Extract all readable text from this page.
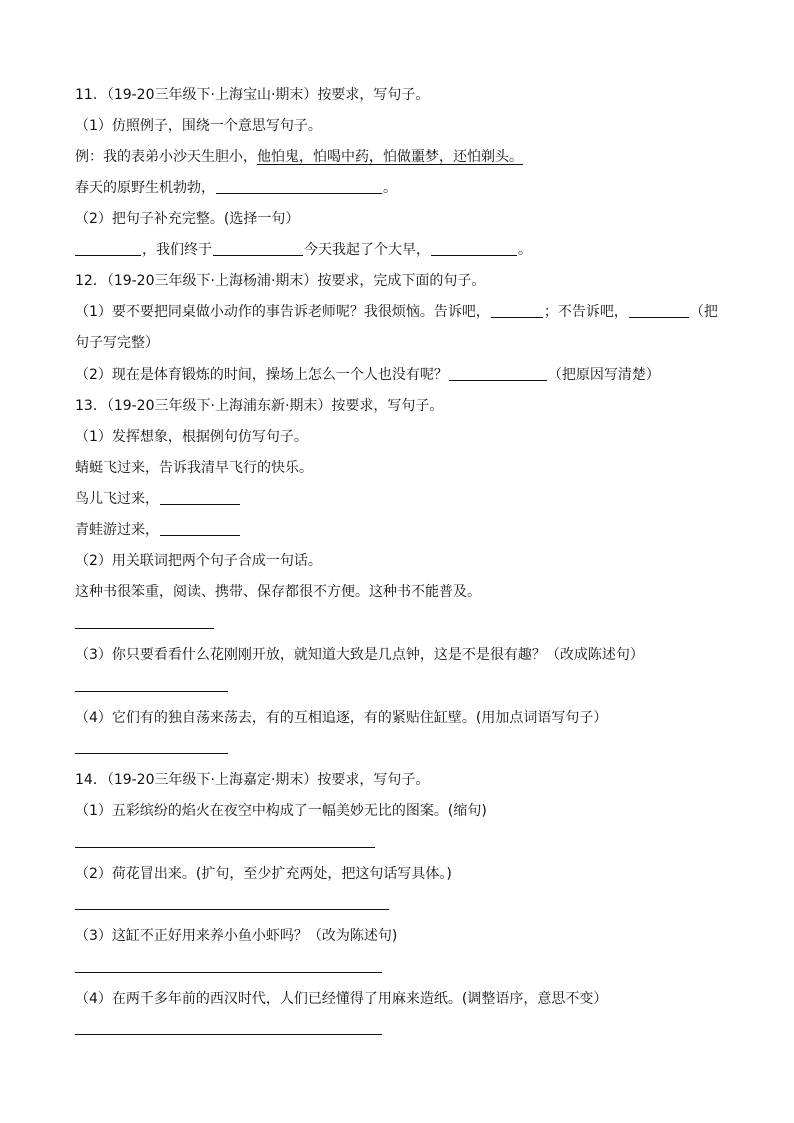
11．（19-20三年级下·上海宝山·期末）按要求，写句子。
（1）仿照例子，围绕一个意思写句子。
例：我的表弟小沙天生胆小，他怕鬼，怕喝中药，怕做噩梦，还怕剃头。
春天的原野生机勃勃，	。
（2）把句子补充完整。(选择一句）
，我们终于	今天我起了个大早，	。
12．（19-20三年级下·上海杨浦·期末）按要求，完成下面的句子。
（1）要不要把同桌做小动作的事告诉老师呢？我很烦恼。告诉吧，	；不告诉吧，	（把
句子写完整）
（2）现在是体育锻炼的时间，操场上怎么一个人也没有呢？	（把原因写清楚）
13．（19-20三年级下·上海浦东新·期末）按要求，写句子。
（1）发挥想象，根据例句仿写句子。
蜻蜓飞过来，告诉我清早飞行的快乐。
鸟儿飞过来，
青蛙游过来，
（2）用关联词把两个句子合成一句话。
这种书很笨重，阅读、携带、保存都很不方便。这种书不能普及。
（3）你只要看看什么花刚刚开放，就知道大致是几点钟，这是不是很有趣？（改成陈述句）
（4）它们有的独自荡来荡去，有的互相追逐，有的紧贴住缸壁。(用加点词语写句子）
14．（19-20三年级下·上海嘉定·期末）按要求，写句子。
（1）五彩缤纷的焰火在夜空中构成了一幅美妙无比的图案。(缩句)
（2）荷花冒出来。(扩句，至少扩充两处，把这句话写具体。)
（3）这缸不正好用来养小鱼小虾吗？（改为陈述句)
（4）在两千多年前的西汉时代，人们已经懂得了用麻来造纸。(调整语序，意思不变）
